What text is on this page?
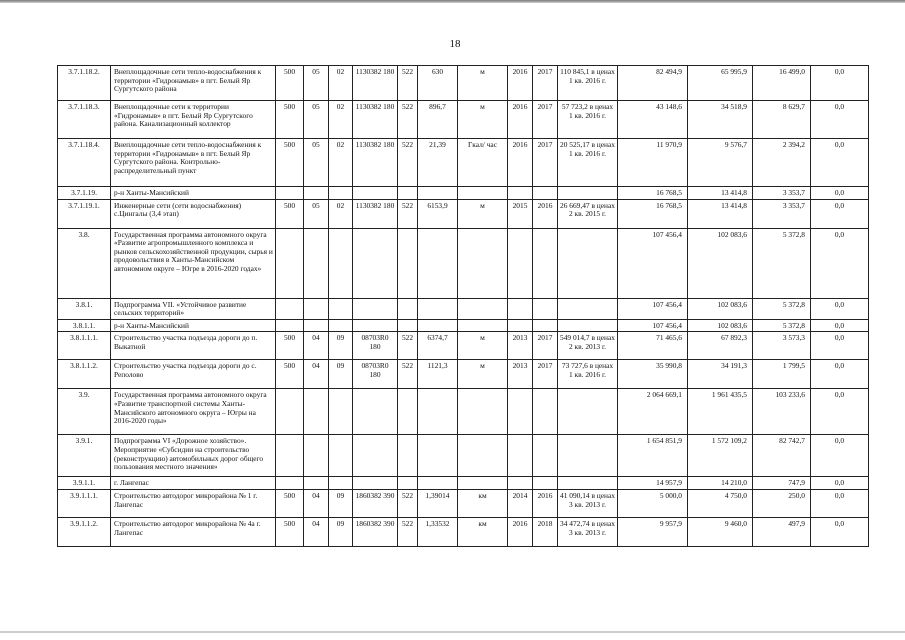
18
3.7.1.18.2.	Внеплощадочные сети тепло-водоснабжения к территории «Гидронамыв» в пгт. Белый Яр Сургутского района	500	05	02	1130382 180	522	630	м	2016	2017	110 845,1 в ценах 1 кв. 2016 г.	82 494,9	65 995,9	16 499,0	0,0
3.7.1.18.3.	Внеплощадочные сети к территории «Гидронамыв» в пгт. Белый Яр Сургутского района. Канализационный коллектор	500	05	02	1130382 180	522	896,7	м	2016	2017	57 723,2 в ценах 1 кв. 2016 г.	43 148,6	34 518,9	8 629,7	0,0
3.7.1.18.4.	Внеплощадочные сети тепло-водоснабжения к территории «Гидронамыв» в пгт. Белый Яр Сургутского района. Контрольно-распределительный пункт	500	05	02	1130382 180	522	21,39	Гкал/ час	2016	2017	20 525,17 в ценах 1 кв. 2016 г.	11 970,9	9 576,7	2 394,2	0,0
3.7.1.19.	р-н Ханты-Мансийский											16 768,5	13 414,8	3 353,7	0,0
3.7.1.19.1.	Инженерные сети (сети водоснабжения) с.Цингалы (3,4 этап)	500	05	02	1130382 180	522	6153,9	м	2015	2016	26 669,47 в ценах 2 кв. 2015 г.	16 768,5	13 414,8	3 353,7	0,0
3.8.	Государственная программа автономного округа «Развитие агропромышленного комплекса и рынков сельскохозяйственной продукции, сырья и продовольствия в Ханты-Мансийском автономном округе – Югре в 2016-2020 годах»											107 456,4	102 083,6	5 372,8	0,0
3.8.1.	Подпрограмма VII. «Устойчивое развитие сельских территорий»											107 456,4	102 083,6	5 372,8	0,0
3.8.1.1.	р-н Ханты-Мансийский											107 456,4	102 083,6	5 372,8	0,0
3.8.1.1.1.	Строительство участка подъезда дороги до п. Выкатной	500	04	09	08703R0 180	522	6374,7	м	2013	2017	549 014,7 в ценах 2 кв. 2013 г.	71 465,6	67 892,3	3 573,3	0,0
3.8.1.1.2.	Строительство участка подъезда дороги до с. Реполово	500	04	09	08703R0 180	522	1121,3	м	2013	2017	73 727,6 в ценах 1 кв. 2016 г.	35 990,8	34 191,3	1 799,5	0,0
3.9.	Государственная программа автономного округа «Развитие транспортной системы Ханты-Мансийского автономного округа – Югры на 2016-2020 годы»											2 064 669,1	1 961 435,5	103 233,6	0,0
3.9.1.	Подпрограмма VI «Дорожное хозяйство». Мероприятие «Субсидии на строительство (реконструкцию) автомобильных дорог общего пользования местного значения»											1 654 851,9	1 572 109,2	82 742,7	0,0
3.9.1.1.	г. Лангепас											14 957,9	14 210,0	747,9	0,0
3.9.1.1.1.	Строительство автодорог микрорайона № 1 г. Лангепас	500	04	09	1860382 390	522	1,39014	км	2014	2016	41 090,14 в ценах 3 кв. 2013 г.	5 000,0	4 750,0	250,0	0,0
3.9.1.1.2.	Строительство автодорог микрорайона № 4а г. Лангепас	500	04	09	1860382 390	522	1,33532	км	2016	2018	34 472,74 в ценах 3 кв. 2013 г.	9 957,9	9 460,0	497,9	0,0
